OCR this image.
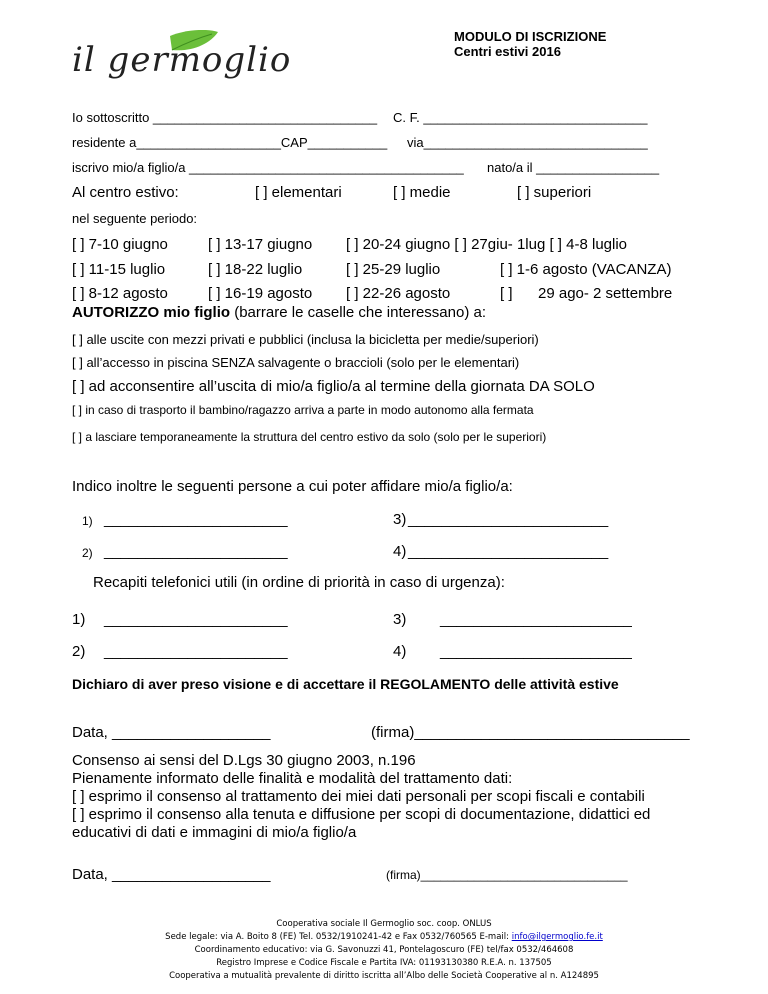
il germoglio
MODULO DI ISCRIZIONE
Centri estivi 2016
Io sottoscritto _______________________________ C. F. _______________________________
residente a____________________CAP___________ via_______________________________
iscrivo mio/a figlio/a ______________________________________ nato/a il _________________
Al centro estivo:	[ ] elementari	[ ] medie	[ ] superiori
nel seguente periodo:
[ ] 7-10 giugno	[ ] 13-17 giugno [ ] 20-24 giugno [ ] 27giu- 1lug [ ] 4-8 luglio
[ ] 11-15 luglio	[ ] 18-22 luglio	[ ] 25-29 luglio	[ ] 1-6 agosto (VACANZA)
[ ] 8-12 agosto	[ ] 16-19 agosto [ ] 22-26 agosto	[ ] 29 ago- 2 settembre
AUTORIZZO mio figlio (barrare le caselle che interessano) a:
[ ] alle uscite con mezzi privati e pubblici (inclusa la bicicletta per medie/superiori)
[ ] all’accesso in piscina SENZA salvagente o braccioli (solo per le elementari)
[ ] ad acconsentire all’uscita di mio/a figlio/a al termine della giornata DA SOLO
[ ] in caso di trasporto il bambino/ragazzo arriva a parte in modo autonomo alla fermata
[ ] a lasciare temporaneamente la struttura del centro estivo da solo (solo per le superiori)
Indico inoltre le seguenti persone a cui poter affidare mio/a figlio/a:
1) ______________________	3) ________________________
2) ______________________	4) ________________________
Recapiti telefonici utili (in ordine di priorità in caso di urgenza):
1) ______________________	3) _______________________
2) ______________________	4) _______________________
Dichiaro di aver preso visione e di accettare il REGOLAMENTO delle attività estive
Data, ___________________	(firma)_________________________________
Consenso ai sensi del D.Lgs 30 giugno 2003, n.196
Pienamente informato delle finalità e modalità del trattamento dati:
[ ] esprimo il consenso al trattamento dei miei dati personali per scopi fiscali e contabili
[ ] esprimo il consenso alla tenuta e diffusione per scopi di documentazione, didattici ed
educativi di dati e immagini di mio/a figlio/a
Data, ___________________	(firma)_______________________________
Cooperativa sociale Il Germoglio soc. coop. ONLUS
Sede legale: via A. Boito 8 (FE) Tel. 0532/1910241-42 e Fax 0532/760565 E-mail: info@ilgermoglio.fe.it
Coordinamento educativo: via G. Savonuzzi 41, Pontelagoscuro (FE) tel/fax 0532/464608
Registro Imprese e Codice Fiscale e Partita IVA: 01193130380 R.E.A. n. 137505
Cooperativa a mutualità prevalente di diritto iscritta all’Albo delle Società Cooperative al n. A124895
